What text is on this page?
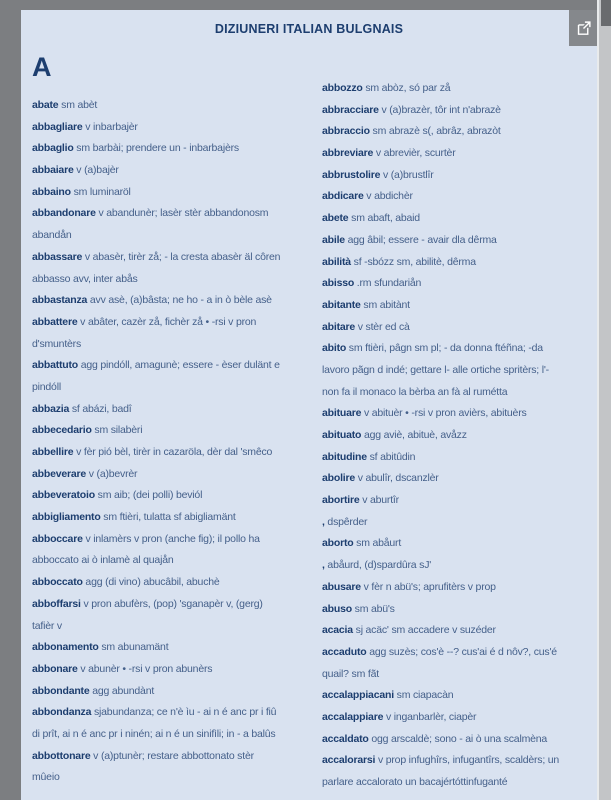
DIZIUNERI ITALIAN BULGNAIS
A
abate sm abèt
abbagliare v inbarbajèr
abbaglio sm barbài; prendere un - inbarbajèrs
abbaiare v (a)bajèr
abbaino sm luminaröl
abbandonare v abandunèr; lasèr stèr abbandonosm
abandån
abbassare v abasèr, tirèr zå; - la cresta abasèr äl côren
abbasso avv, inter abås
abbastanza avv asè, (a)bâsta; ne ho - a in ò bèle asè
abbattere v abâter, cazèr zå, fichèr zå • -rsi v pron
d'smuntèrs
abbattuto agg pindóll, amagunè; essere - èser dulänt e
pindóll
abbazia sf abázi, badî
abbecedario sm silabèri
abbellire v fèr pió bèl, tirèr in cazaröla, dèr dal 'smêco
abbeverare v (a)bevrèr
abbeveratoio sm aib; (dei polli) beviól
abbigliamento sm ftièri, tulatta sf abigliamänt
abboccare v inlamèrs v pron (anche fig); il pollo ha
abboccato ai ò inlamè al quajån
abboccato agg (di vino) abucâbil, abuchè
abboffarsi v pron abufèrs, (pop) 'sganapèr v, (gerg)
tafièr v
abbonamento sm abunamänt
abbonare v abunèr • -rsi v pron abunèrs
abbondante agg abundànt
abbondanza sjabundanza; ce n'è ìu - ai n é anc pr i fiû
di prît, ai n é anc pr i ninén; ai n é un sinifìli; in - a balûs
abbottonare v (a)ptunèr; restare abbottonato stèr
mûeio
abbozzo sm abòz, só par zå
abbracciare v (a)brazèr, tôr int n'abrazè
abbraccio sm abrazè s(, abrâz, abrazòt
abbreviare v abrevièr, scurtèr
abbrustolire v (a)brustlîr
abdicare v abdichèr
abete sm abaft, abaid
abile agg âbil; essere - avair dla dêrma
abilità sf -sbózz sm, abilitè, dêrma
abisso .rm sfundariån
abitante sm abitànt
abitare v stèr ed cà
abito sm ftièri, pâgn sm pl; - da donna ftéñna; -da
lavoro pãgn d indé; gettare l- alle ortiche spritèrs; l'-
non fa il monaco la bèrba an fà al rumétta
abituare v abituèr • -rsi v pron avièrs, abituèrs
abituato agg aviè, abituè, avåzz
abitudine sf abitûdin
abolire v abulîr, dscanzlèr
abortire v aburtîr
, dspêrder
aborto sm abåurt
, abåurd, (d)spardûra sJ'
abusare v fèr n abü's; aprufitèrs v prop
abuso sm abü's
acacia sj acäc' sm accadere v suzéder
accaduto agg suzès; cos'è --? cus'ai é d nôv?, cus'é
quail? sm fãt
accalappiacani sm ciapacàn
accalappiare v inganbarlèr, ciapèr
accaldato ogg arscaldè; sono - ai ò una scalmèna
accalorarsi v prop infughîrs, infugantîrs, scaldèrs; un
parlare accalorato un bacajértóttinfuganté
